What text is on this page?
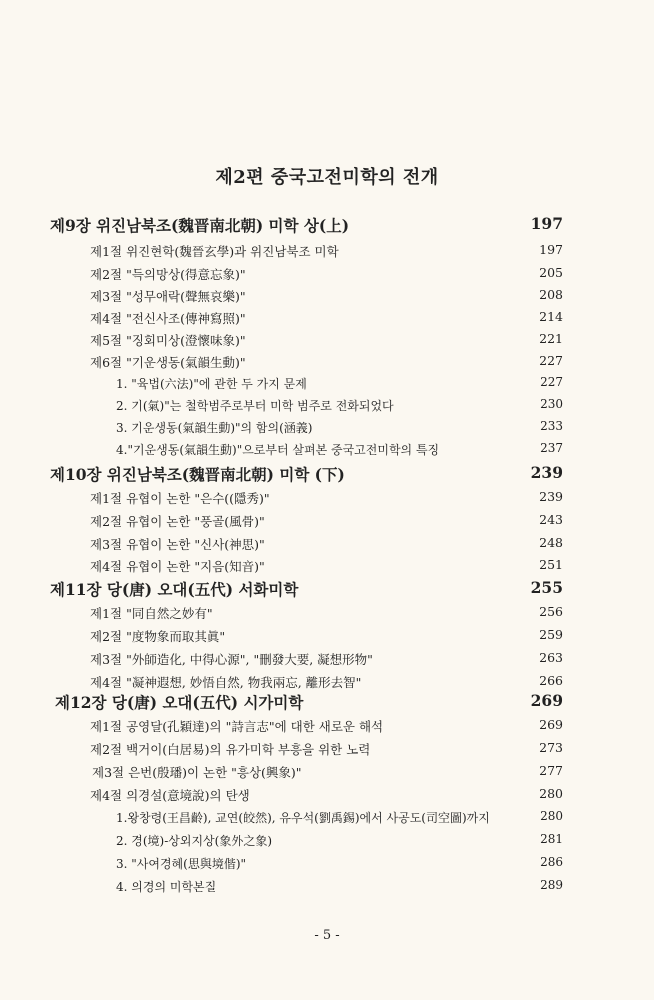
제2편 중국고전미학의 전개
제9장 위진남북조(魏晋南北朝) 미학 상(上)	197
제1절 위진현학(魏晉玄學)과 위진남북조 미학	197
제2절 "득의망상(得意忘象)"	205
제3절 "성무애락(聲無哀樂)"	208
제4절 "전신사조(傳神寫照)"	214
제5절 "징회미상(澄懷味象)"	221
제6절 "기운생동(氣韻生動)"	227
1. "육법(六法)"에 관한 두 가지 문제	227
2. 기(氣)"는 철학범주로부터 미학 범주로 전화되었다	230
3. 기운생동(氣韻生動)"의 함의(涵義)	233
4."기운생동(氣韻生動)"으로부터 살펴본 중국고전미학의 특징	237
제10장 위진남북조(魏晋南北朝) 미학 (下)	239
제1절 유협이 논한 "은수((隱秀)"	239
제2절 유협이 논한 "풍골(風骨)"	243
제3절 유협이 논한 "신사(神思)"	248
제4절 유협이 논한 "지음(知音)"	251
제11장 당(唐) 오대(五代) 서화미학	255
제1절 "同自然之妙有"	256
제2절 "度物象而取其眞"	259
제3절 "外師造化, 中得心源", "刪發大要, 凝想形物"	263
제4절 "凝神遐想, 妙悟自然, 物我兩忘, 離形去智"	266
제12장 당(唐) 오대(五代) 시가미학	269
제1절 공영달(孔穎達)의 "詩言志"에 대한 새로운 해석	269
제2절 백거이(白居易)의 유가미학 부흥을 위한 노력	273
제3절 은번(殷璠)이 논한 "흥상(興象)"	277
제4절 의경설(意境說)의 탄생	280
1.왕창령(王昌齡), 교연(皎然), 유우석(劉禹錫)에서 사공도(司空圖)까지	280
2. 경(境)-상외지상(象外之象)	281
3. "사여경혜(思與境偕)"	286
4. 의경의 미학본질	289
- 5 -
